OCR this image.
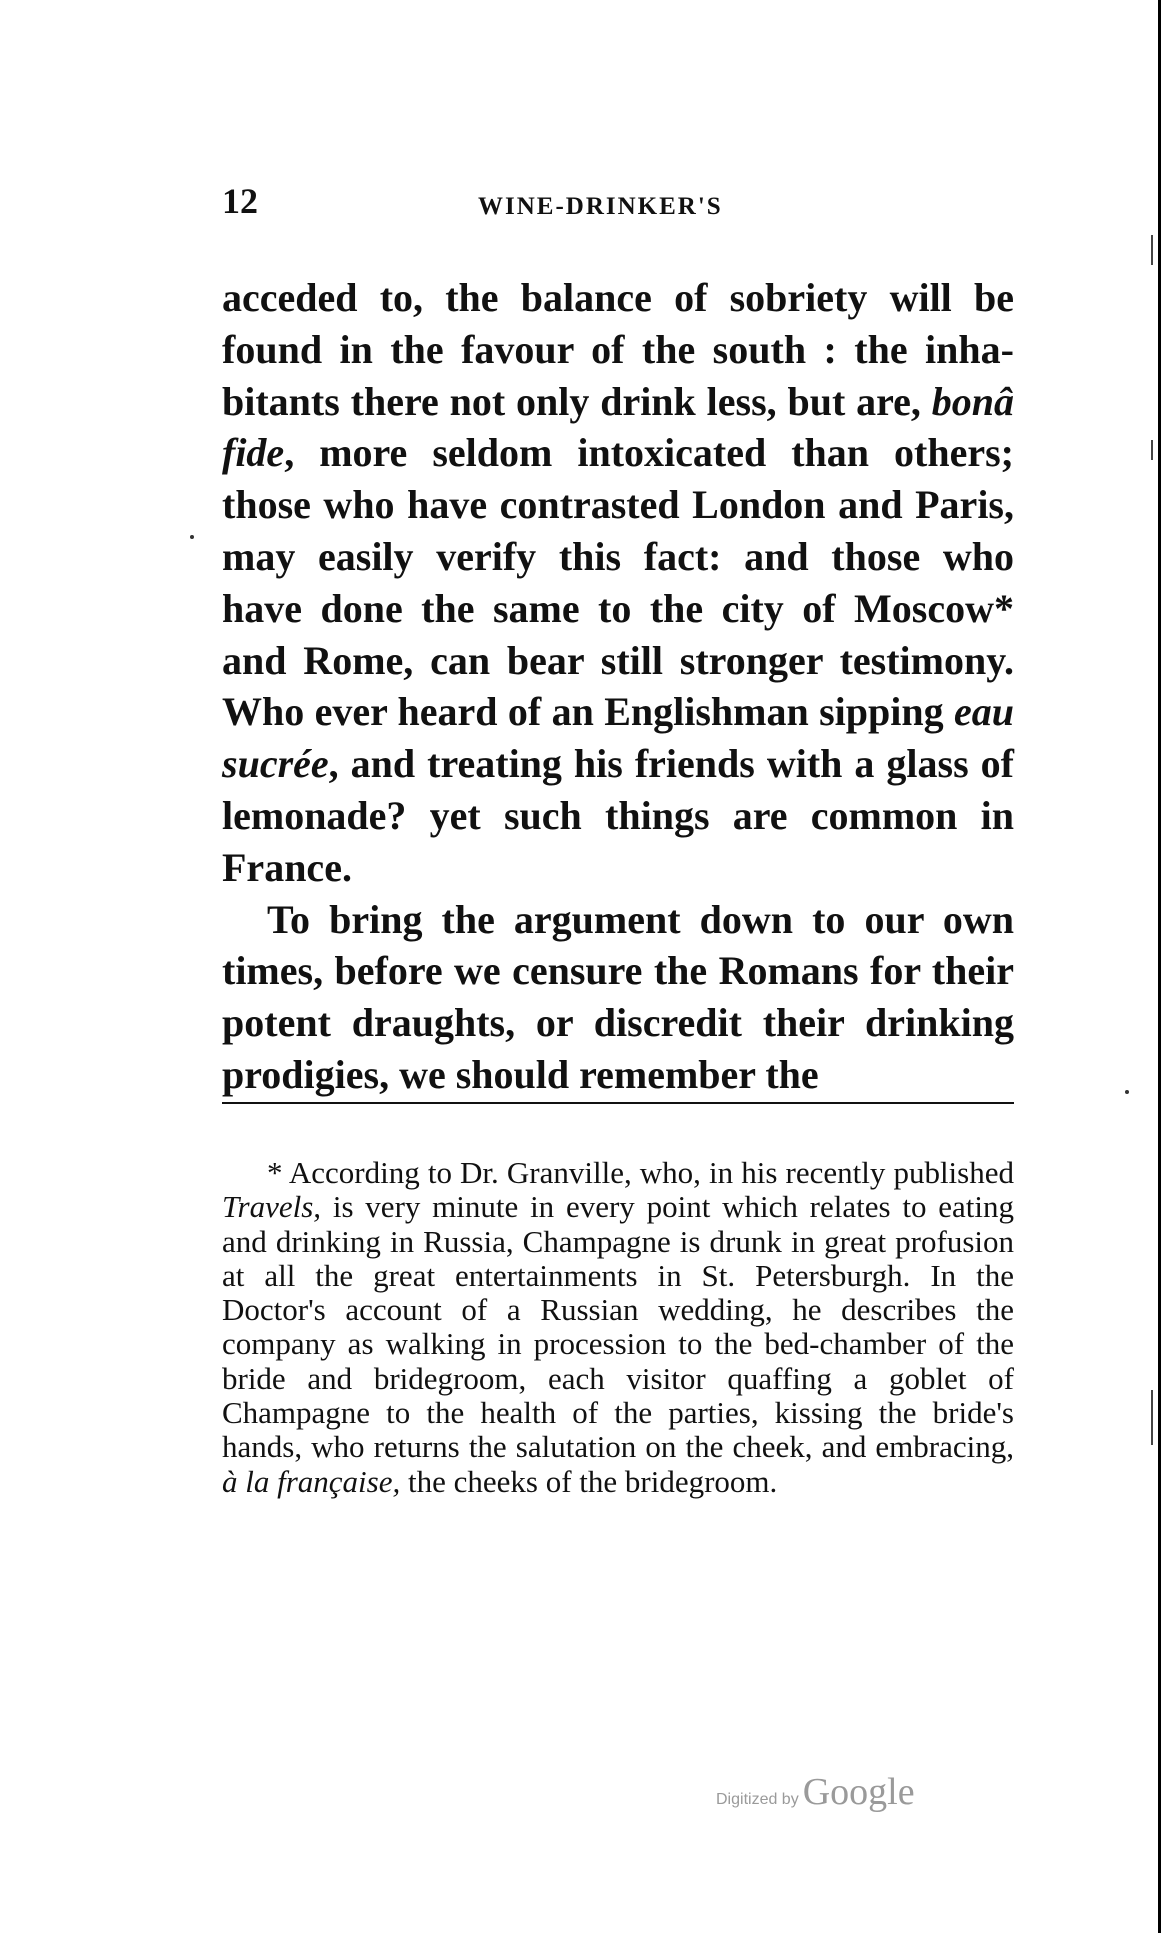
12	WINE-DRINKER'S

acceded to, the balance of sobriety will be found in the favour of the south : the inhabitants there not only drink less, but are, bonâ fide, more seldom intoxicated than others; those who have contrasted London and Paris, may easily verify this fact: and those who have done the same to the city of Moscow* and Rome, can bear still stronger testimony. Who ever heard of an Englishman sipping eau sucrée, and treating his friends with a glass of lemonade? yet such things are common in France.

To bring the argument down to our own times, before we censure the Romans for their potent draughts, or discredit their drinking prodigies, we should remember the

* According to Dr. Granville, who, in his recently published Travels, is very minute in every point which relates to eating and drinking in Russia, Champagne is drunk in great profusion at all the great entertainments in St. Petersburgh. In the Doctor's account of a Russian wedding, he describes the company as walking in procession to the bed-chamber of the bride and bridegroom, each visitor quaffing a goblet of Champagne to the health of the parties, kissing the bride's hands, who returns the salutation on the cheek, and embracing, à la française, the cheeks of the bridegroom.
Digitized by Google
